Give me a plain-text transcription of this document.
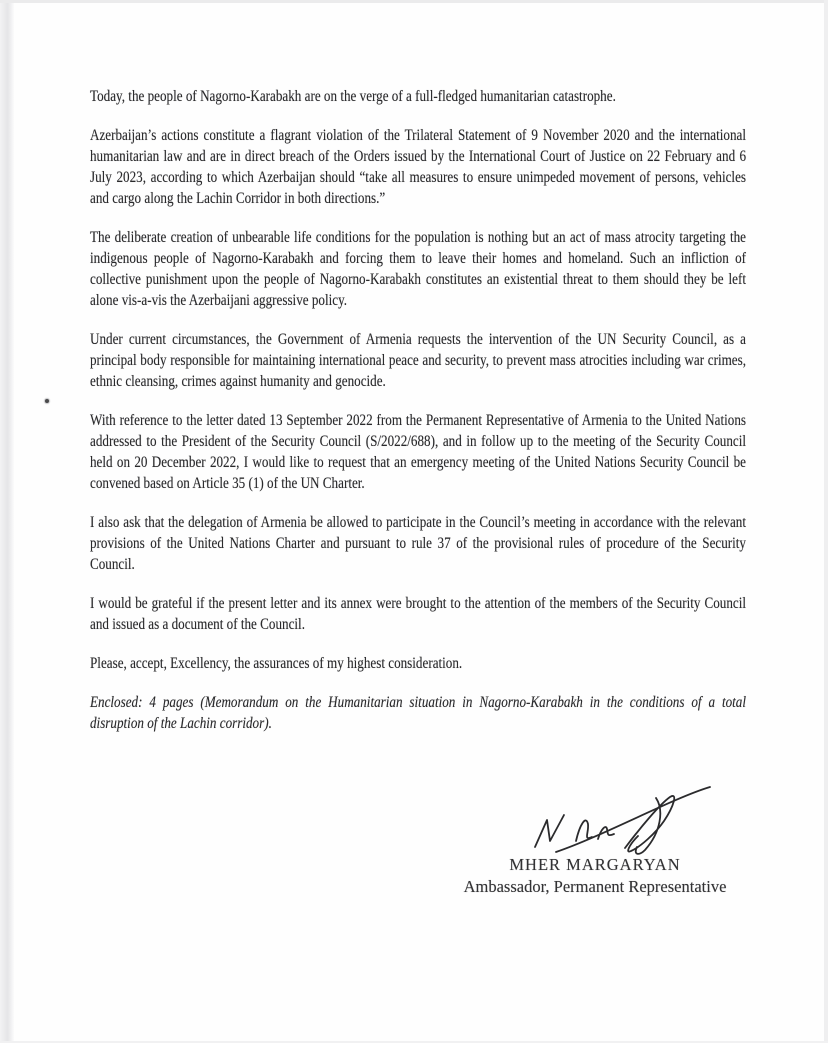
Today, the people of Nagorno-Karabakh are on the verge of a full-fledged humanitarian catastrophe.

Azerbaijan’s actions constitute a flagrant violation of the Trilateral Statement of 9 November 2020 and the international humanitarian law and are in direct breach of the Orders issued by the International Court of Justice on 22 February and 6 July 2023, according to which Azerbaijan should “take all measures to ensure unimpeded movement of persons, vehicles and cargo along the Lachin Corridor in both directions.”

The deliberate creation of unbearable life conditions for the population is nothing but an act of mass atrocity targeting the indigenous people of Nagorno-Karabakh and forcing them to leave their homes and homeland. Such an infliction of collective punishment upon the people of Nagorno-Karabakh constitutes an existential threat to them should they be left alone vis-a-vis the Azerbaijani aggressive policy.

Under current circumstances, the Government of Armenia requests the intervention of the UN Security Council, as a principal body responsible for maintaining international peace and security, to prevent mass atrocities including war crimes, ethnic cleansing, crimes against humanity and genocide.

With reference to the letter dated 13 September 2022 from the Permanent Representative of Armenia to the United Nations addressed to the President of the Security Council (S/2022/688), and in follow up to the meeting of the Security Council held on 20 December 2022, I would like to request that an emergency meeting of the United Nations Security Council be convened based on Article 35 (1) of the UN Charter.

I also ask that the delegation of Armenia be allowed to participate in the Council’s meeting in accordance with the relevant provisions of the United Nations Charter and pursuant to rule 37 of the provisional rules of procedure of the Security Council.

I would be grateful if the present letter and its annex were brought to the attention of the members of the Security Council and issued as a document of the Council.

Please, accept, Excellency, the assurances of my highest consideration.

Enclosed: 4 pages (Memorandum on the Humanitarian situation in Nagorno-Karabakh in the conditions of a total disruption of the Lachin corridor).

MHER MARGARYAN
Ambassador, Permanent Representative
